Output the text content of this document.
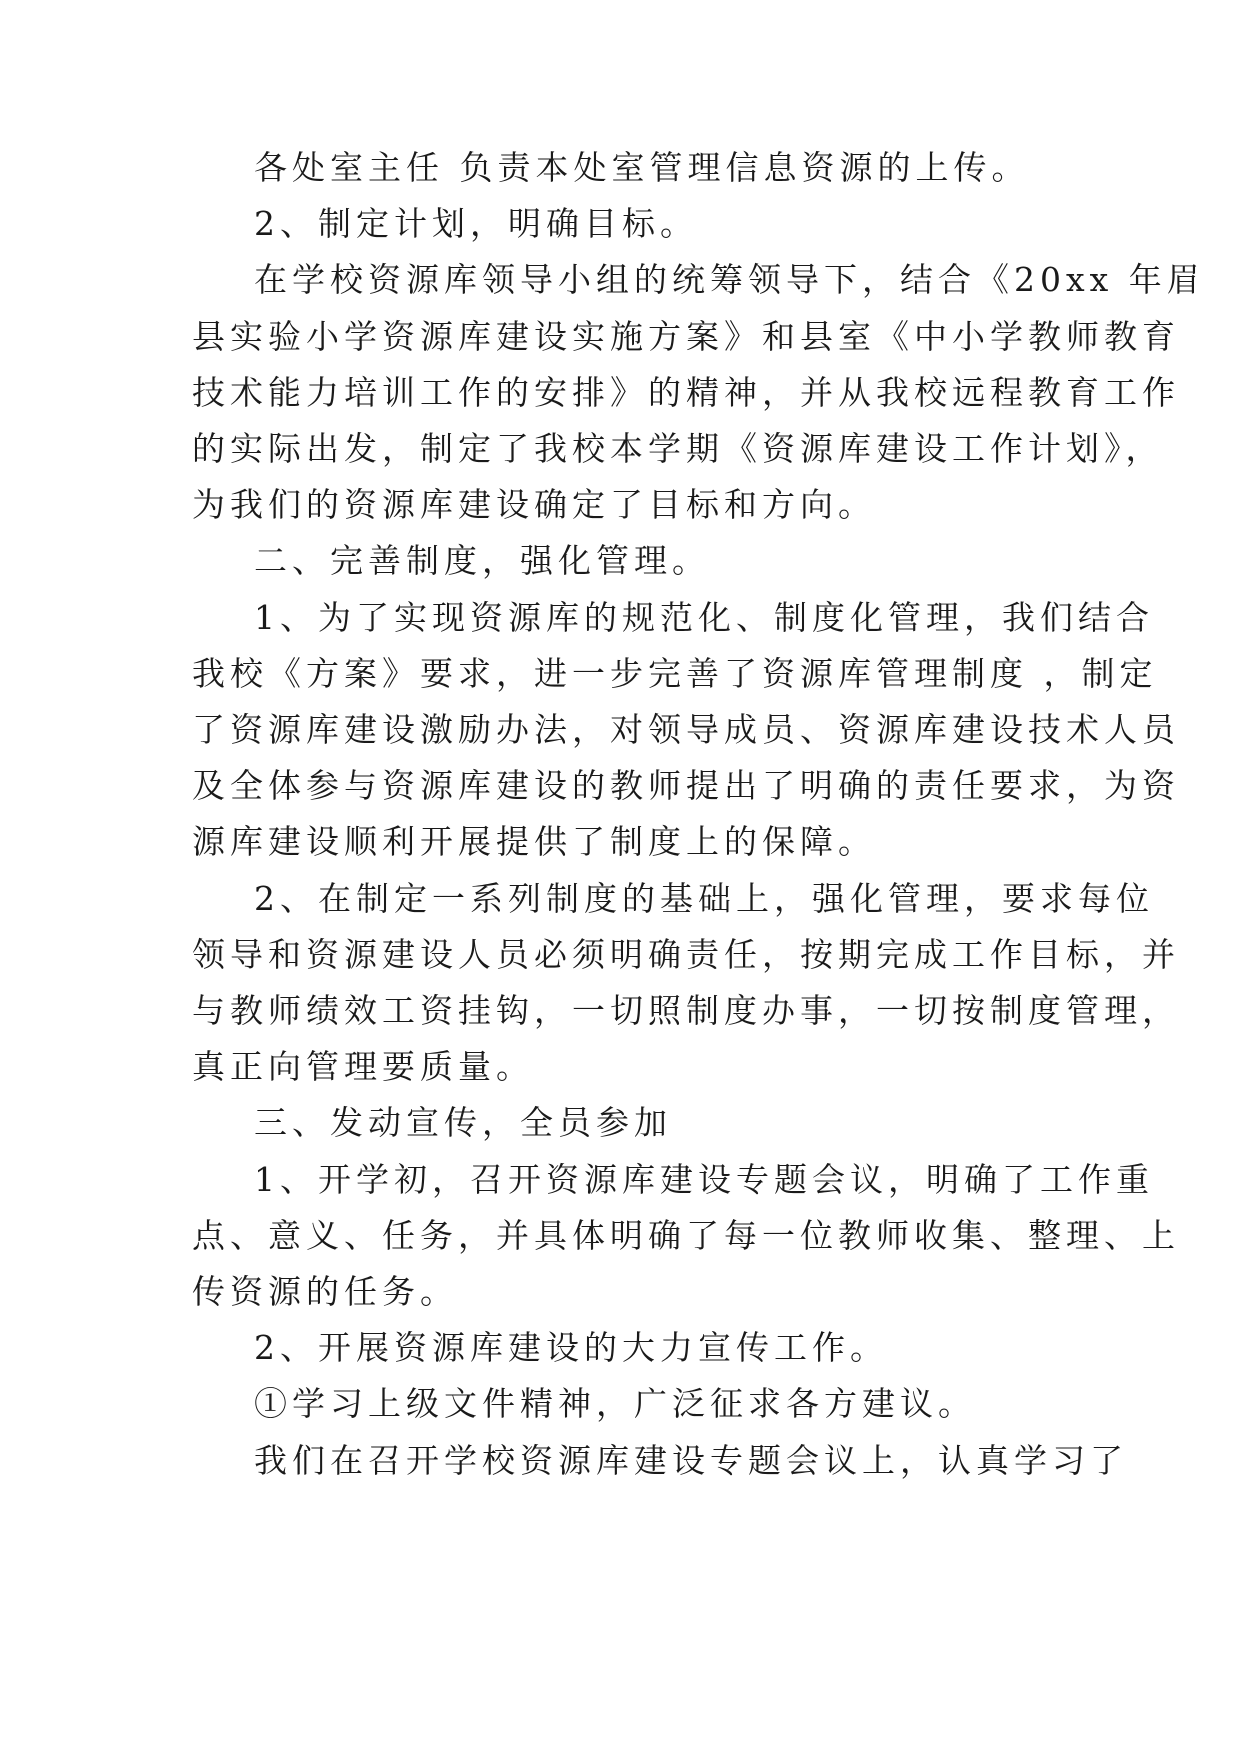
各处室主任 负责本处室管理信息资源的上传。
2、制定计划，明确目标。
在学校资源库领导小组的统筹领导下，结合《20xx 年眉
县实验小学资源库建设实施方案》和县室《中小学教师教育
技术能力培训工作的安排》的精神，并从我校远程教育工作
的实际出发，制定了我校本学期《资源库建设工作计划》，
为我们的资源库建设确定了目标和方向。
二、完善制度，强化管理。
1、为了实现资源库的规范化、制度化管理，我们结合
我校《方案》要求，进一步完善了资源库管理制度 ，制定
了资源库建设激励办法，对领导成员、资源库建设技术人员
及全体参与资源库建设的教师提出了明确的责任要求，为资
源库建设顺利开展提供了制度上的保障。
2、在制定一系列制度的基础上，强化管理，要求每位
领导和资源建设人员必须明确责任，按期完成工作目标，并
与教师绩效工资挂钩，一切照制度办事，一切按制度管理，
真正向管理要质量。
三、发动宣传，全员参加
1、开学初，召开资源库建设专题会议，明确了工作重
点、意义、任务，并具体明确了每一位教师收集、整理、上
传资源的任务。
2、开展资源库建设的大力宣传工作。
①学习上级文件精神，广泛征求各方建议。
我们在召开学校资源库建设专题会议上，认真学习了
